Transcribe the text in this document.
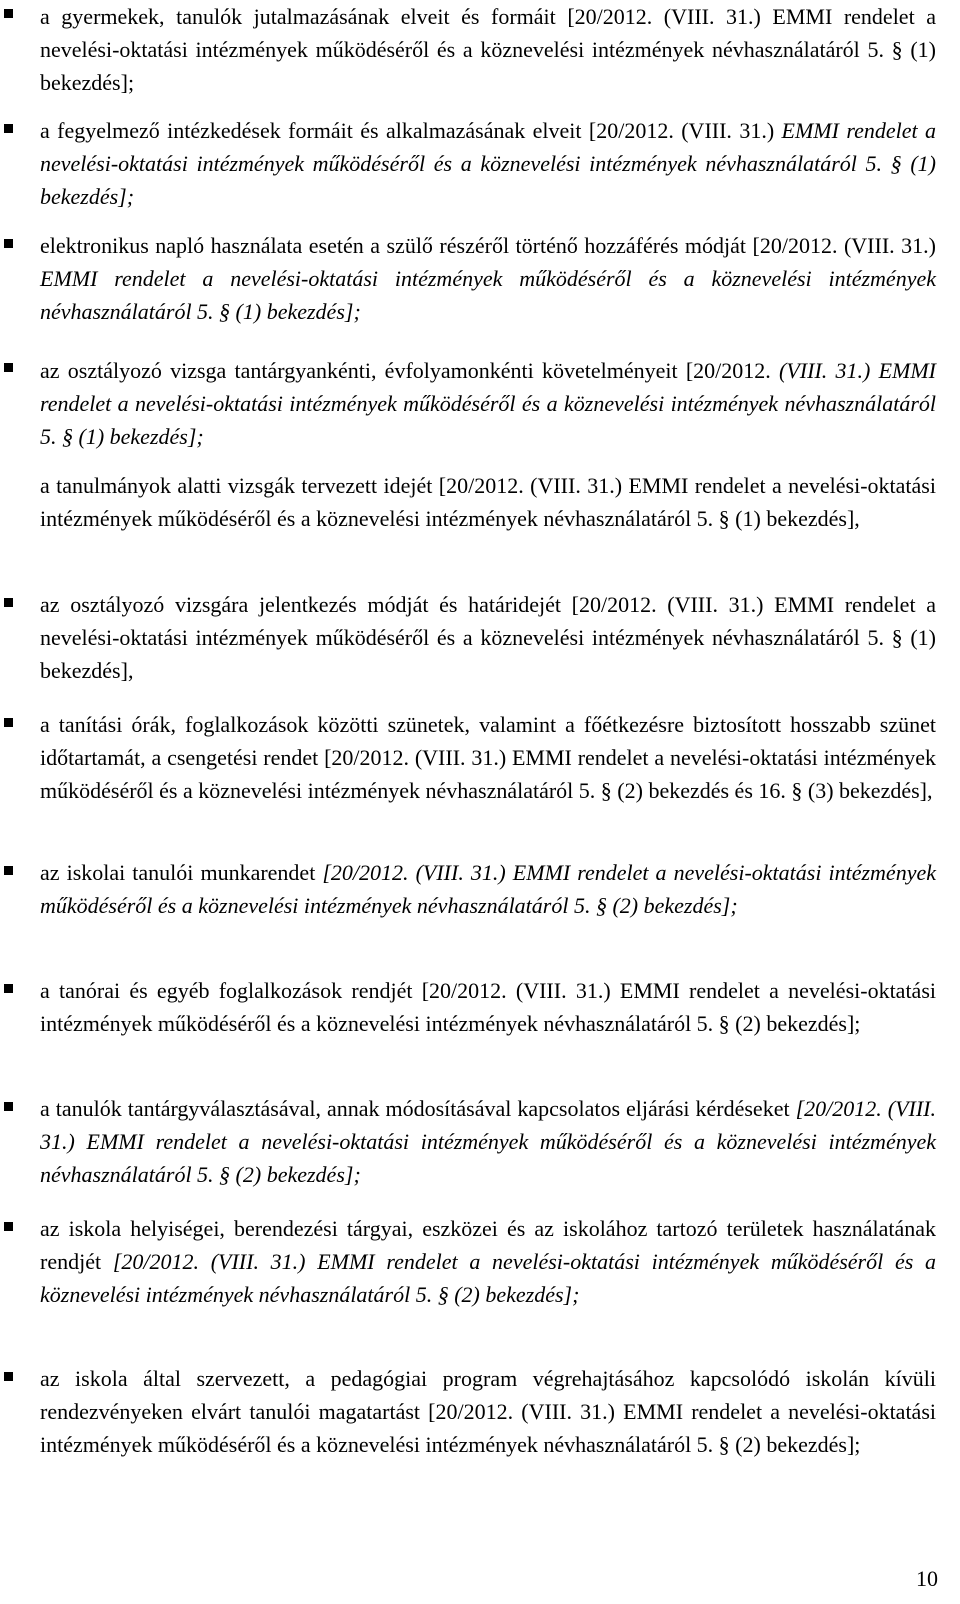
a gyermekek, tanulók jutalmazásának elveit és formáit [20/2012. (VIII. 31.) EMMI rendelet a nevelési-oktatási intézmények működéséről és a köznevelési intézmények névhasználatáról 5. § (1) bekezdés];

a fegyelmező intézkedések formáit és alkalmazásának elveit [20/2012. (VIII. 31.) EMMI rendelet a nevelési-oktatási intézmények működéséről és a köznevelési intézmények névhasználatáról 5. § (1) bekezdés];

elektronikus napló használata esetén a szülő részéről történő hozzáférés módját [20/2012. (VIII. 31.) EMMI rendelet a nevelési-oktatási intézmények működéséről és a köznevelési intézmények névhasználatáról 5. § (1) bekezdés];

az osztályozó vizsga tantárgyankénti, évfolyamonkénti követelményeit [20/2012. (VIII. 31.) EMMI rendelet a nevelési-oktatási intézmények működéséről és a köznevelési intézmények névhasználatáról 5. § (1) bekezdés];

a tanulmányok alatti vizsgák tervezett idejét [20/2012. (VIII. 31.) EMMI rendelet a nevelési-oktatási intézmények működéséről és a köznevelési intézmények névhasználatáról 5. § (1) bekezdés],

az osztályozó vizsgára jelentkezés módját és határidejét [20/2012. (VIII. 31.) EMMI rendelet a nevelési-oktatási intézmények működéséről és a köznevelési intézmények névhasználatáról 5. § (1) bekezdés],

a tanítási órák, foglalkozások közötti szünetek, valamint a főétkezésre biztosított hosszabb szünet időtartamát, a csengetési rendet [20/2012. (VIII. 31.) EMMI rendelet a nevelési-oktatási intézmények működéséről és a köznevelési intézmények névhasználatáról 5. § (2) bekezdés és 16. § (3) bekezdés],

az iskolai tanulói munkarendet [20/2012. (VIII. 31.) EMMI rendelet a nevelési-oktatási intézmények működéséről és a köznevelési intézmények névhasználatáról 5. § (2) bekezdés];

a tanórai és egyéb foglalkozások rendjét [20/2012. (VIII. 31.) EMMI rendelet a nevelési-oktatási intézmények működéséről és a köznevelési intézmények névhasználatáról 5. § (2) bekezdés];

a tanulók tantárgyválasztásával, annak módosításával kapcsolatos eljárási kérdéseket [20/2012. (VIII. 31.) EMMI rendelet a nevelési-oktatási intézmények működéséről és a köznevelési intézmények névhasználatáról 5. § (2) bekezdés];

az iskola helyiségei, berendezési tárgyai, eszközei és az iskolához tartozó területek használatának rendjét [20/2012. (VIII. 31.) EMMI rendelet a nevelési-oktatási intézmények működéséről és a köznevelési intézmények névhasználatáról 5. § (2) bekezdés];

az iskola által szervezett, a pedagógiai program végrehajtásához kapcsolódó iskolán kívüli rendezvényeken elvárt tanulói magatartást [20/2012. (VIII. 31.) EMMI rendelet a nevelési-oktatási intézmények működéséről és a köznevelési intézmények névhasználatáról 5. § (2) bekezdés];

10
